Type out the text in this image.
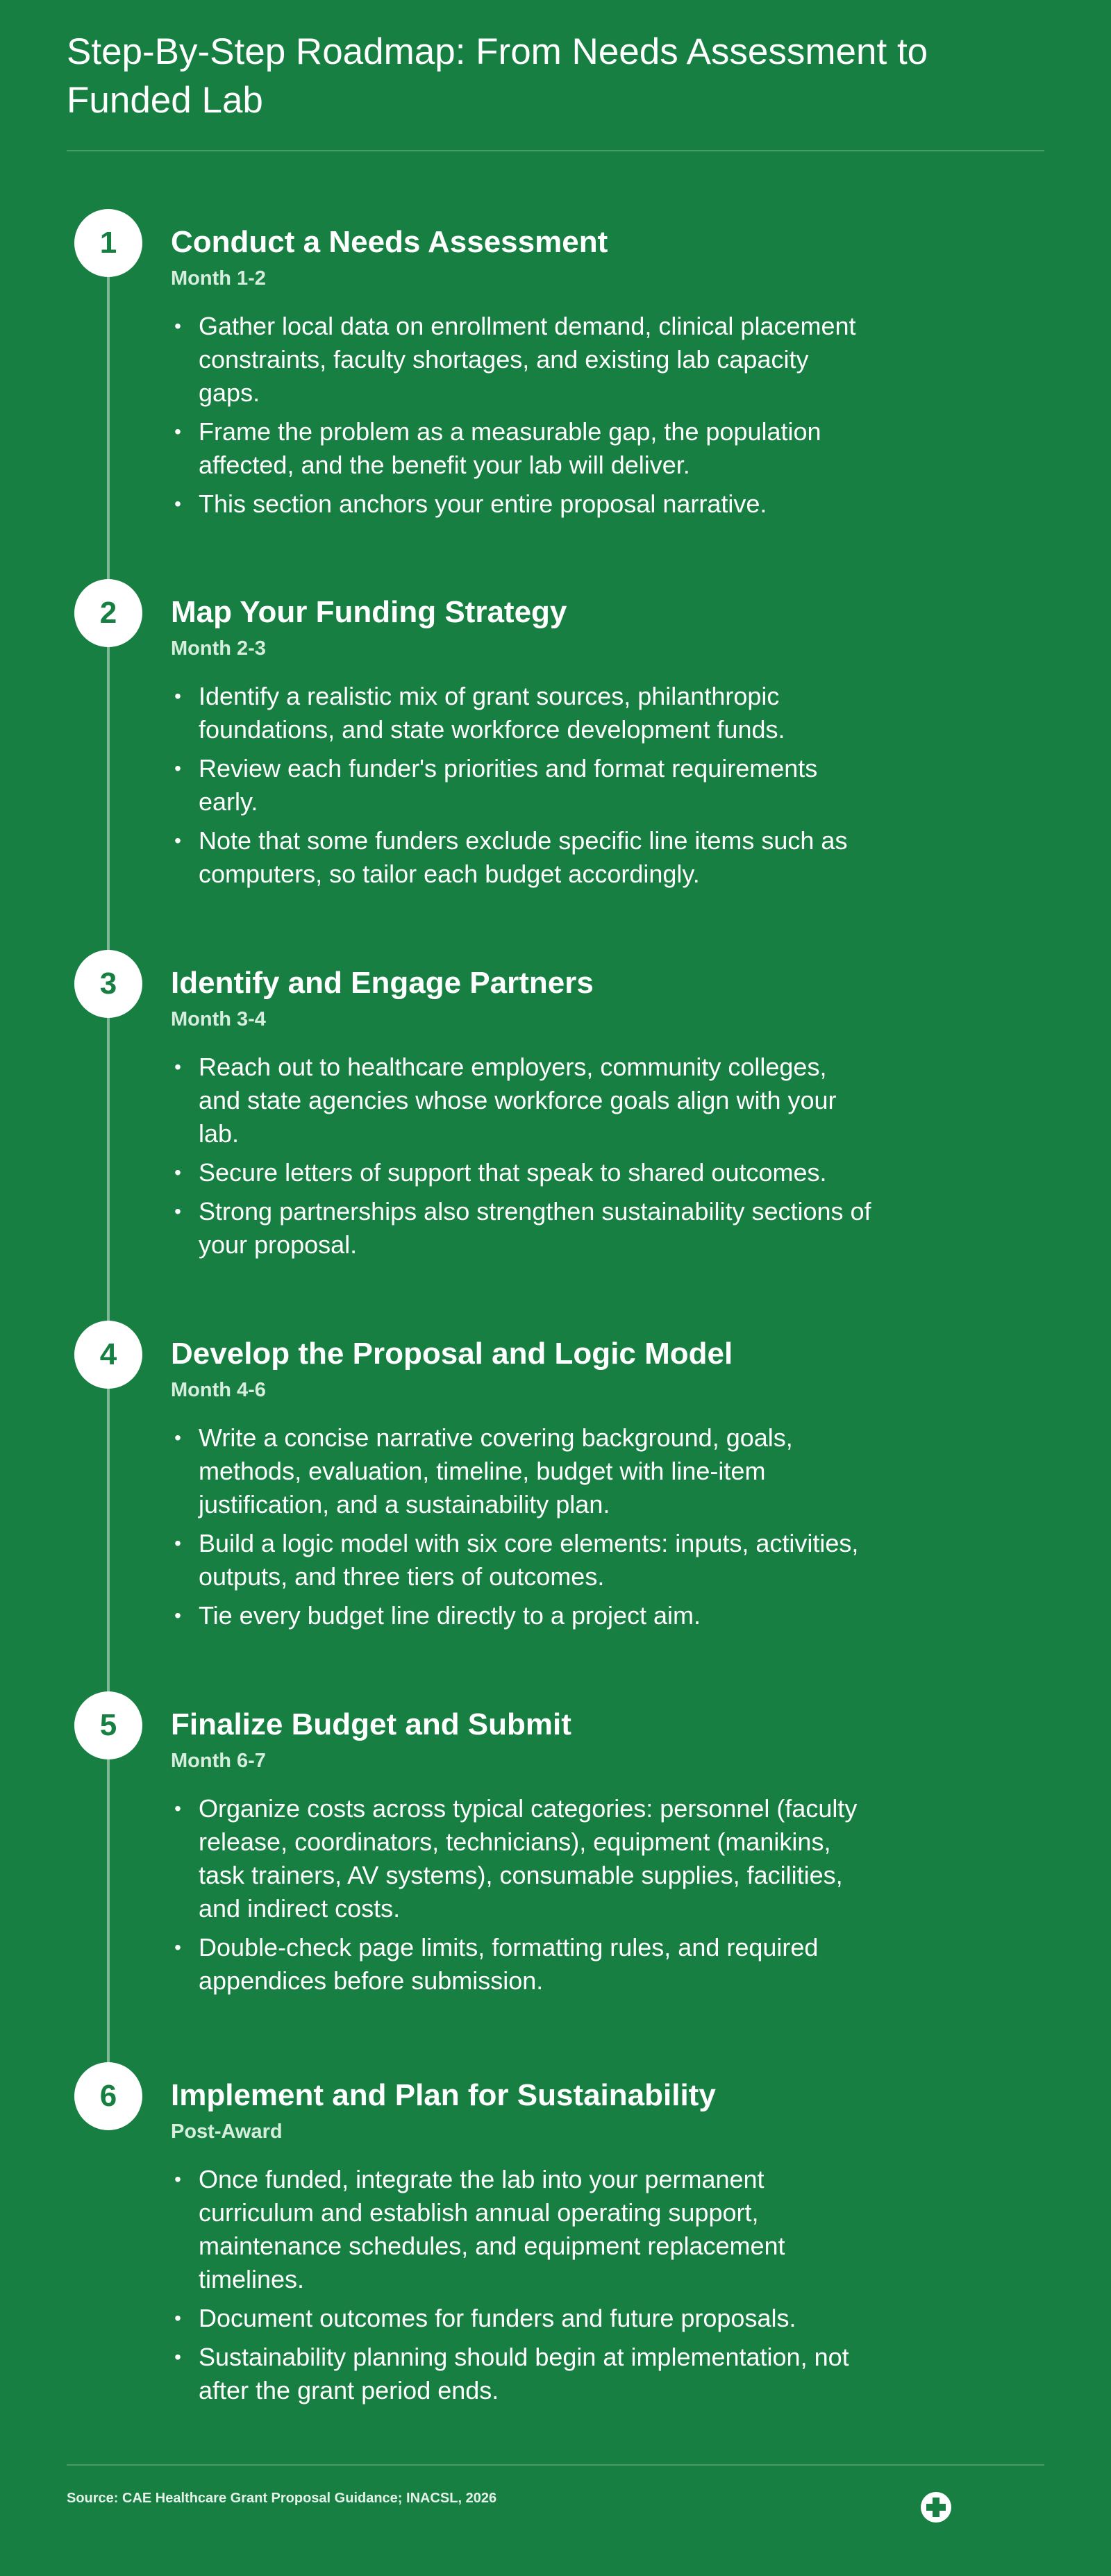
Step-By-Step Roadmap: From Needs Assessment to Funded Lab
1	Conduct a Needs Assessment
Month 1-2
• Gather local data on enrollment demand, clinical placement constraints, faculty shortages, and existing lab capacity gaps.
• Frame the problem as a measurable gap, the population affected, and the benefit your lab will deliver.
• This section anchors your entire proposal narrative.
2	Map Your Funding Strategy
Month 2-3
• Identify a realistic mix of grant sources, philanthropic foundations, and state workforce development funds.
• Review each funder's priorities and format requirements early.
• Note that some funders exclude specific line items such as computers, so tailor each budget accordingly.
3	Identify and Engage Partners
Month 3-4
• Reach out to healthcare employers, community colleges, and state agencies whose workforce goals align with your lab.
• Secure letters of support that speak to shared outcomes.
• Strong partnerships also strengthen sustainability sections of your proposal.
4	Develop the Proposal and Logic Model
Month 4-6
• Write a concise narrative covering background, goals, methods, evaluation, timeline, budget with line-item justification, and a sustainability plan.
• Build a logic model with six core elements: inputs, activities, outputs, and three tiers of outcomes.
• Tie every budget line directly to a project aim.
5	Finalize Budget and Submit
Month 6-7
• Organize costs across typical categories: personnel (faculty release, coordinators, technicians), equipment (manikins, task trainers, AV systems), consumable supplies, facilities, and indirect costs.
• Double-check page limits, formatting rules, and required appendices before submission.
6	Implement and Plan for Sustainability
Post-Award
• Once funded, integrate the lab into your permanent curriculum and establish annual operating support, maintenance schedules, and equipment replacement timelines.
• Document outcomes for funders and future proposals.
• Sustainability planning should begin at implementation, not after the grant period ends.
Source: CAE Healthcare Grant Proposal Guidance; INACSL, 2026
